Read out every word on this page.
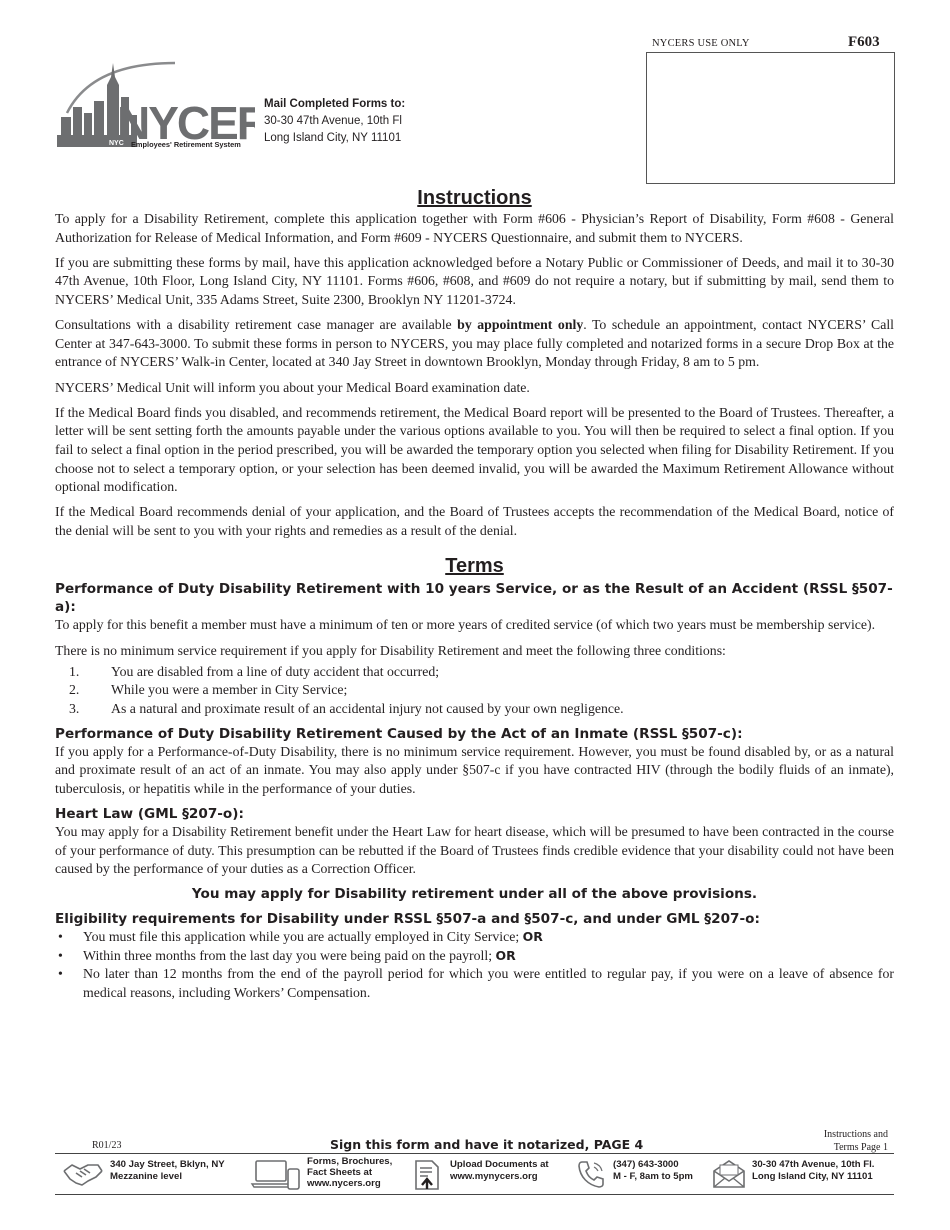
NYCER
NYC Employees' Retirement System
Mail Completed Forms to:
30-30 47th Avenue, 10th Fl
Long Island City, NY 11101
NYCERS USE ONLY	F603
Instructions

To apply for a Disability Retirement, complete this application together with Form #606 - Physician’s Report of Disability, Form #608 - General Authorization for Release of Medical Information, and Form #609 - NYCERS Questionnaire, and submit them to NYCERS.

If you are submitting these forms by mail, have this application acknowledged before a Notary Public or Commissioner of Deeds, and mail it to 30-30 47th Avenue, 10th Floor, Long Island City, NY 11101. Forms #606, #608, and #609 do not require a notary, but if submitting by mail, send them to NYCERS’ Medical Unit, 335 Adams Street, Suite 2300, Brooklyn NY 11201-3724.

Consultations with a disability retirement case manager are available by appointment only. To schedule an appointment, contact NYCERS’ Call Center at 347-643-3000. To submit these forms in person to NYCERS, you may place fully completed and notarized forms in a secure Drop Box at the entrance of NYCERS’ Walk-in Center, located at 340 Jay Street in downtown Brooklyn, Monday through Friday, 8 am to 5 pm.

NYCERS’ Medical Unit will inform you about your Medical Board examination date.

If the Medical Board finds you disabled, and recommends retirement, the Medical Board report will be presented to the Board of Trustees. Thereafter, a letter will be sent setting forth the amounts payable under the various options available to you. You will then be required to select a final option. If you fail to select a final option in the period prescribed, you will be awarded the temporary option you selected when filing for Disability Retirement. If you choose not to select a temporary option, or your selection has been deemed invalid, you will be awarded the Maximum Retirement Allowance without optional modification.

If the Medical Board recommends denial of your application, and the Board of Trustees accepts the recommendation of the Medical Board, notice of the denial will be sent to you with your rights and remedies as a result of the denial.

Terms
Performance of Duty Disability Retirement with 10 years Service, or as the Result of an Accident (RSSL §507-a):

To apply for this benefit a member must have a minimum of ten or more years of credited service (of which two years must be membership service).

There is no minimum service requirement if you apply for Disability Retirement and meet the following three conditions:

1.	You are disabled from a line of duty accident that occurred;
2.	While you were a member in City Service;
3.	As a natural and proximate result of an accidental injury not caused by your own negligence.
Performance of Duty Disability Retirement Caused by the Act of an Inmate (RSSL §507-c):

If you apply for a Performance-of-Duty Disability, there is no minimum service requirement. However, you must be found disabled by, or as a natural and proximate result of an act of an inmate. You may also apply under §507-c if you have contracted HIV (through the bodily fluids of an inmate), tuberculosis, or hepatitis while in the performance of your duties.

Heart Law (GML §207-o):

You may apply for a Disability Retirement benefit under the Heart Law for heart disease, which will be presumed to have been contracted in the course of your performance of duty. This presumption can be rebutted if the Board of Trustees finds credible evidence that your disability could not have been caused by the performance of your duties as a Correction Officer.

You may apply for Disability retirement under all of the above provisions.
Eligibility requirements for Disability under RSSL §507-a and §507-c, and under GML §207-o:
•	You must file this application while you are actually employed in City Service; OR
•	Within three months from the last day you were being paid on the payroll; OR
•	No later than 12 months from the end of the payroll period for which you were entitled to regular pay, if you were on a leave of absence for medical reasons, including Workers’ Compensation.
R01/23	Sign this form and have it notarized, PAGE 4
Instructions and
Terms Page 1
340 Jay Street, Bklyn, NY
Mezzanine level
Forms, Brochures,
Fact Sheets at
www.nycers.org
Upload Documents at
www.mynycers.org
(347) 643-3000
M - F, 8am to 5pm
30-30 47th Avenue, 10th Fl.
Long Island City, NY 11101
